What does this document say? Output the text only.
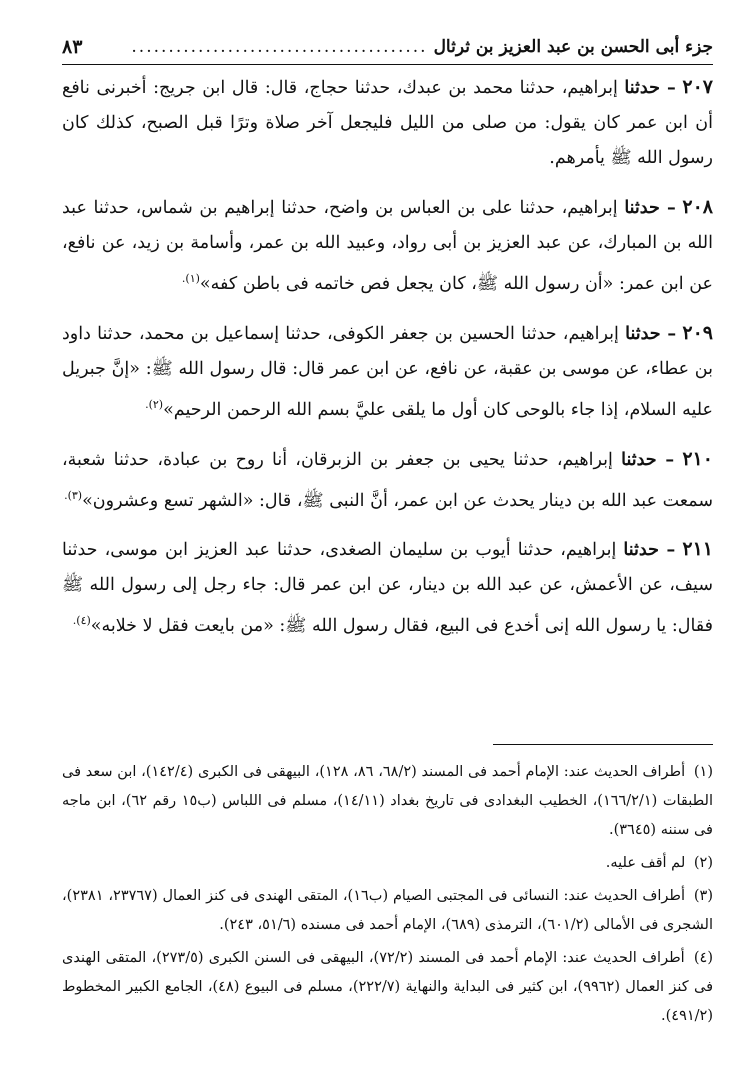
جزء أبى الحسن بن عبد العزيز بن ثرثال
........................................
٨٣

٢٠٧ – حدثنا إبراهيم، حدثنا محمد بن عبدك، حدثنا حجاج، قال: قال ابن جريج: أخبرنى نافع أن ابن عمر كان يقول: من صلى من الليل فليجعل آخر صلاة وترًا قبل الصبح، كذلك كان رسول الله ﷺ يأمرهم.

٢٠٨ – حدثنا إبراهيم، حدثنا على بن العباس بن واضح، حدثنا إبراهيم بن شماس، حدثنا عبد الله بن المبارك، عن عبد العزيز بن أبى رواد، وعبيد الله بن عمر، وأسامة بن زيد، عن نافع، عن ابن عمر: «أن رسول الله ﷺ، كان يجعل فص خاتمه فى باطن كفه»$^{(١).}$

٢٠٩ – حدثنا إبراهيم، حدثنا الحسين بن جعفر الكوفى، حدثنا إسماعيل بن محمد، حدثنا داود بن عطاء، عن موسى بن عقبة، عن نافع، عن ابن عمر قال: قال رسول الله ﷺ: «إنَّ جبريل عليه السلام، إذا جاء بالوحى كان أول ما يلقى عليَّ بسم الله الرحمن الرحيم»$^{(٢).}$

٢١٠ – حدثنا إبراهيم، حدثنا يحيى بن جعفر بن الزبرقان، أنا روح بن عبادة، حدثنا شعبة، سمعت عبد الله بن دينار يحدث عن ابن عمر، أنَّ النبى ﷺ، قال: «الشهر تسع وعشرون»$^{(٣).}$

٢١١ – حدثنا إبراهيم، حدثنا أيوب بن سليمان الصغدى، حدثنا عبد العزيز ابن موسى، حدثنا سيف، عن الأعمش، عن عبد الله بن دينار، عن ابن عمر قال: جاء رجل إلى رسول الله ﷺ فقال: يا رسول الله إنى أخدع فى البيع، فقال رسول الله ﷺ: «من بايعت فقل لا خلابه»$^{(٤).}$

(١) أطراف الحديث عند: الإمام أحمد فى المسند (٦٨/٢، ٨٦، ١٢٨)، البيهقى فى الكبرى (١٤٢/٤)، ابن سعد فى الطبقات (١٦٦/٢/١)، الخطيب البغدادى فى تاريخ بغداد (١٤/١١)، مسلم فى اللباس (ب١٥ رقم ٦٢)، ابن ماجه فى سننه (٣٦٤٥).

(٢) لم أقف عليه.

(٣) أطراف الحديث عند: النسائى فى المجتبى الصيام (ب١٦)، المتقى الهندى فى كنز العمال (٢٣٧٦٧، ٢٣٨١)، الشجرى فى الأمالى (٦٠١/٢)، الترمذى (٦٨٩)، الإمام أحمد فى مسنده (٥١/٦، ٢٤٣).

(٤) أطراف الحديث عند: الإمام أحمد فى المسند (٧٢/٢)، البيهقى فى السنن الكبرى (٢٧٣/٥)، المتقى الهندى فى كنز العمال (٩٩٦٢)، ابن كثير فى البداية والنهاية (٢٢٢/٧)، مسلم فى البيوع (٤٨)، الجامع الكبير المخطوط (٤٩١/٢).
